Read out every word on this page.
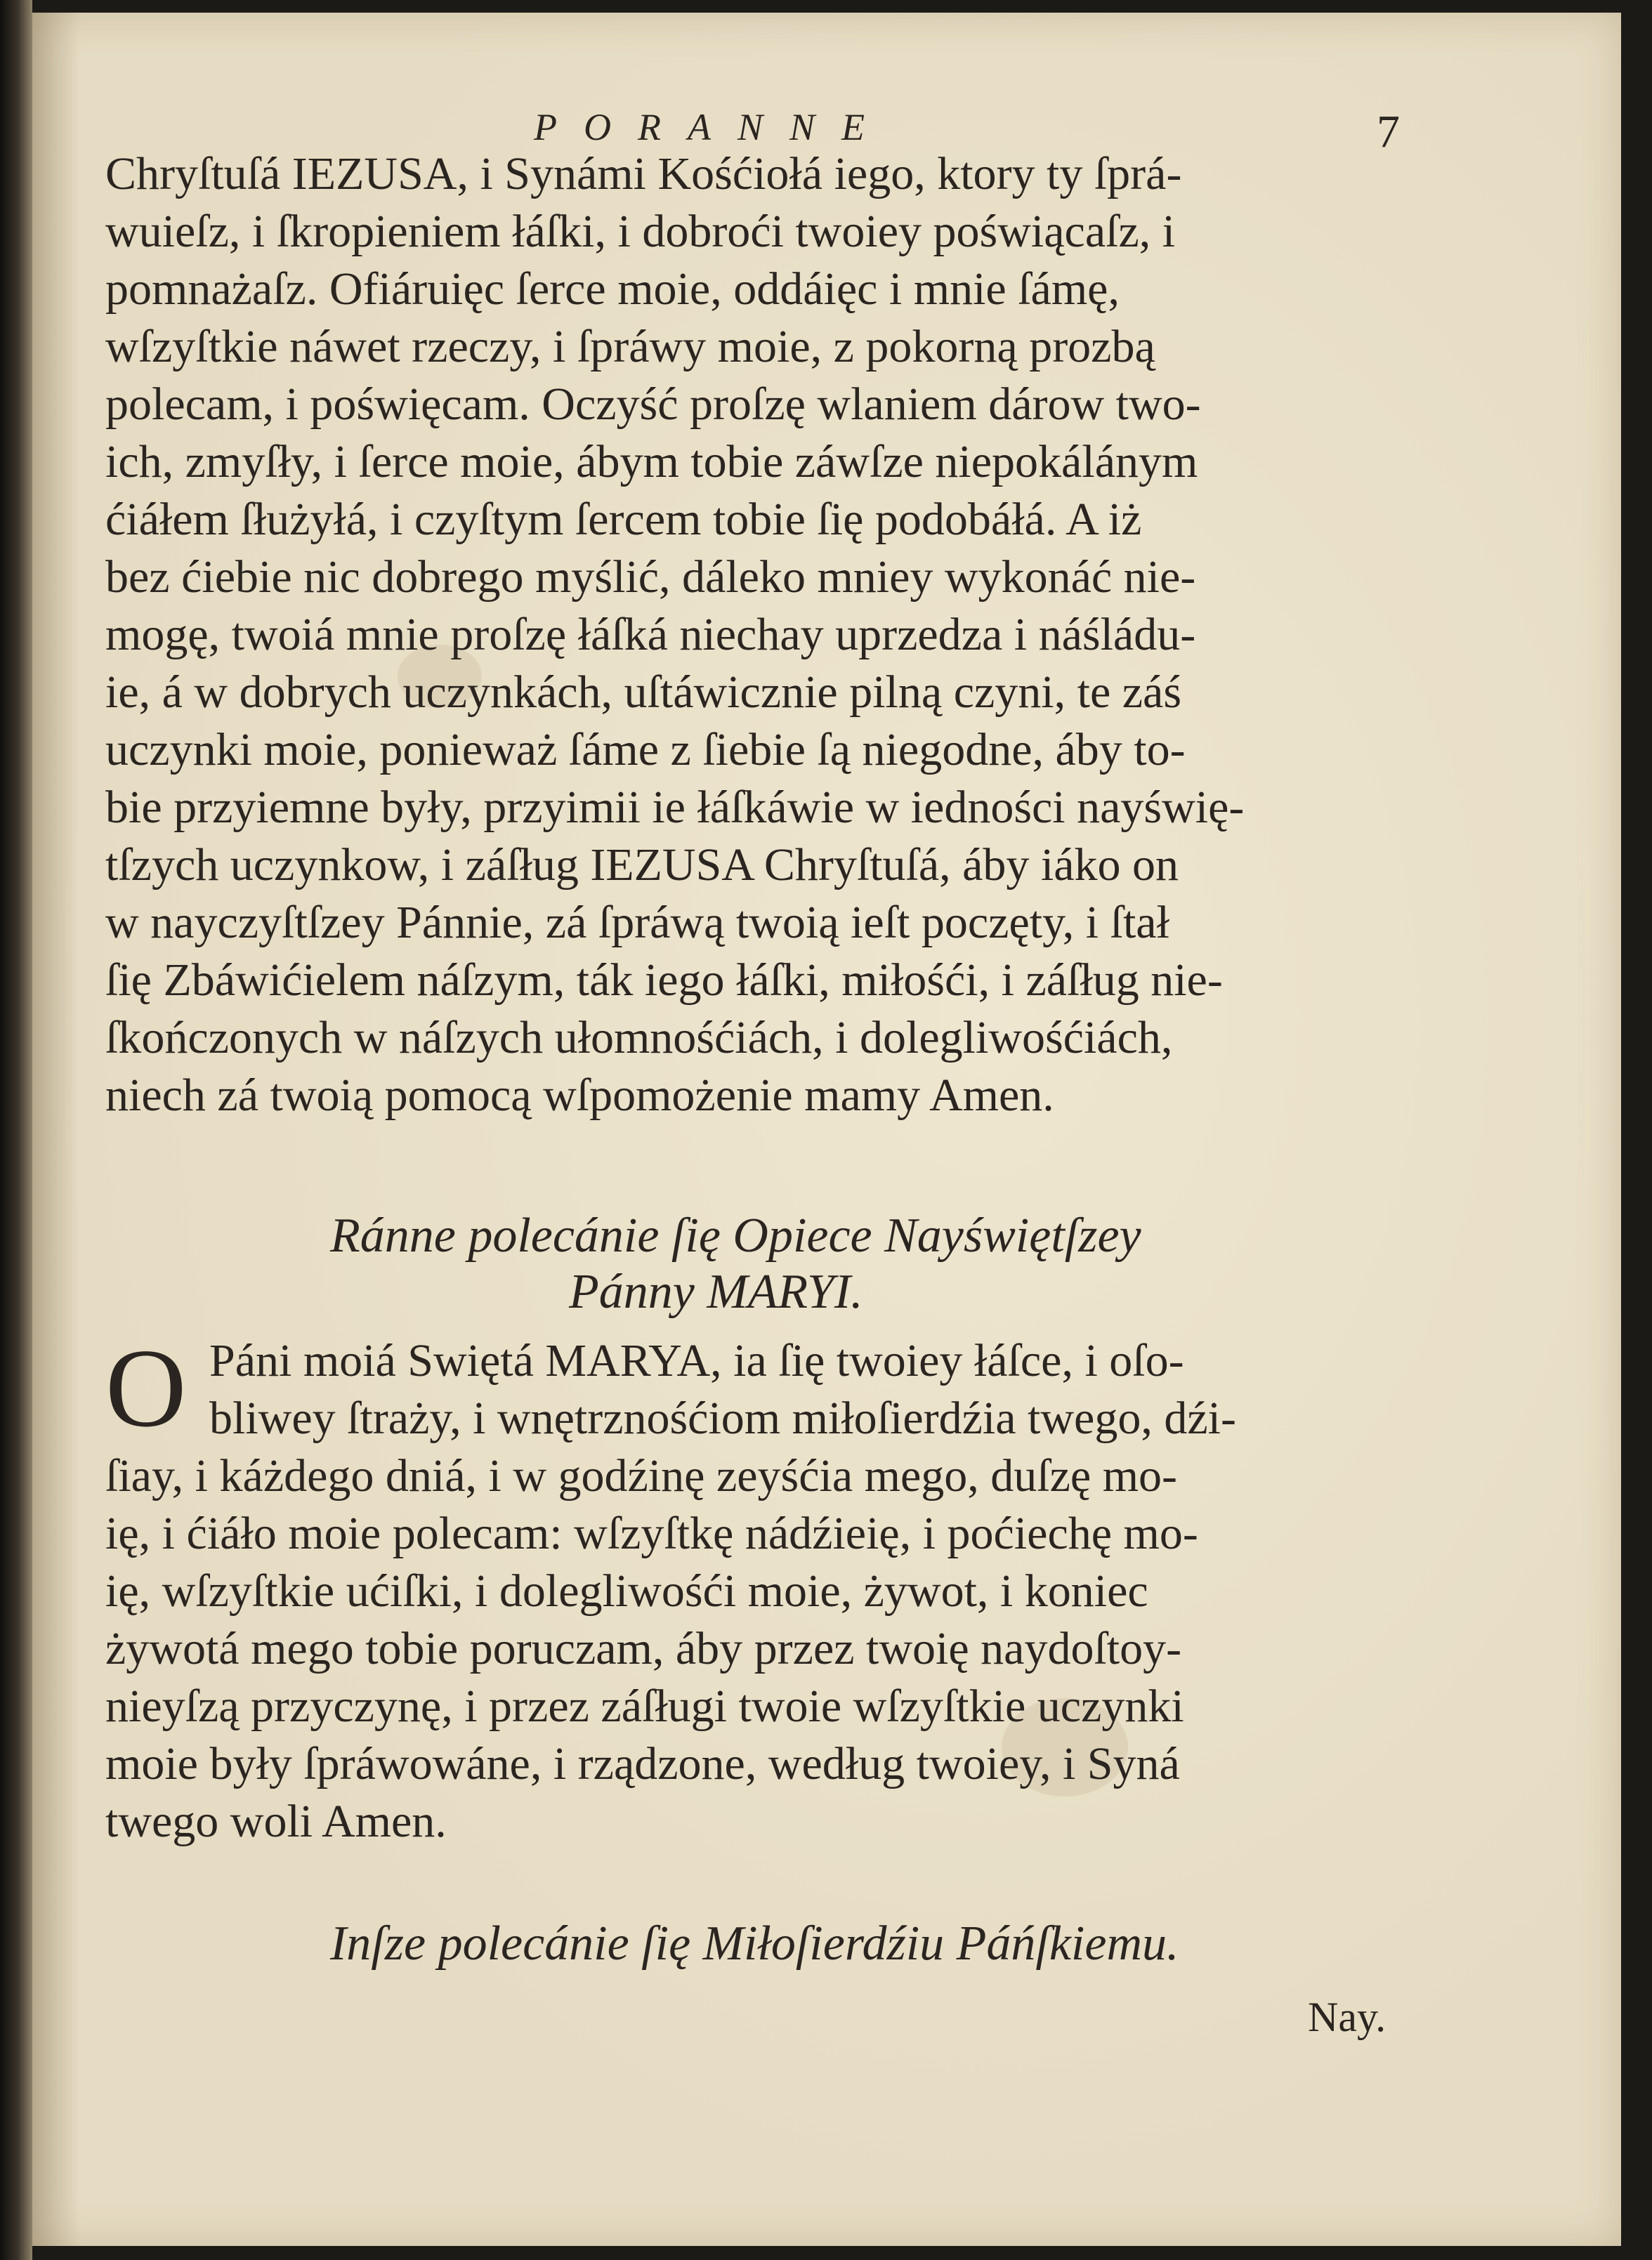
PORANNE	7
Chryſtuſá IEZUSA, i Synámi Kośćiołá iego, ktory ty ſprá-
wuieſz, i ſkropieniem łáſki, i dobroći twoiey poświącaſz, i
pomnażaſz. Ofiáruięc ſerce moie, oddáięc i mnie ſámę,
wſzyſtkie náwet rzeczy, i ſpráwy moie, z pokorną prozbą
polecam, i poświęcam. Oczyść proſzę wlaniem dárow two-
ich, zmyſły, i ſerce moie, ábym tobie záwſze niepokálánym
ćiáłem ſłużyłá, i czyſtym ſercem tobie ſię podobáłá. A iż
bez ćiebie nic dobrego myślić, dáleko mniey wykonáć nie-
mogę, twoiá mnie proſzę łáſká niechay uprzedza i náśládu-
ie, á w dobrych uczynkách, uſtáwicznie pilną czyni, te záś
uczynki moie, ponieważ ſáme z ſiebie ſą niegodne, áby to-
bie przyiemne były, przyimii ie łáſkáwie w iedności nayświę-
tſzych uczynkow, i záſług IEZUSA Chryſtuſá, áby iáko on
w nayczyſtſzey Pánnie, zá ſpráwą twoią ieſt poczęty, i ſtał
ſię Zbáwićielem náſzym, ták iego łáſki, miłośći, i záſług nie-
ſkończonych w náſzych ułomnośćiách, i dolegliwośćiách,
niech zá twoią pomocą wſpomożenie mamy Amen.
Ránne polecánie ſię Opiece Nayświętſzey
Pánny MARYI.
O Páni moiá Swiętá MARYA, ia ſię twoiey łáſce, i oſo-
bliwey ſtraży, i wnętrznośćiom miłoſierdźia twego, dźi-
ſiay, i káżdego dniá, i w godźinę zeyśćia mego, duſzę mo-
ię, i ćiáło moie polecam: wſzyſtkę nádźieię, i poćiechę mo-
ię, wſzyſtkie ućiſki, i dolegliwośći moie, żywot, i koniec
żywotá mego tobie poruczam, áby przez twoię naydoſtoy-
nieyſzą przyczynę, i przez záſługi twoie wſzyſtkie uczynki
moie były ſpráwowáne, i rządzone, według twoiey, i Syná
twego woli Amen.
Inſze polecánie ſię Miłoſierdźiu Páńſkiemu.
Nay.
